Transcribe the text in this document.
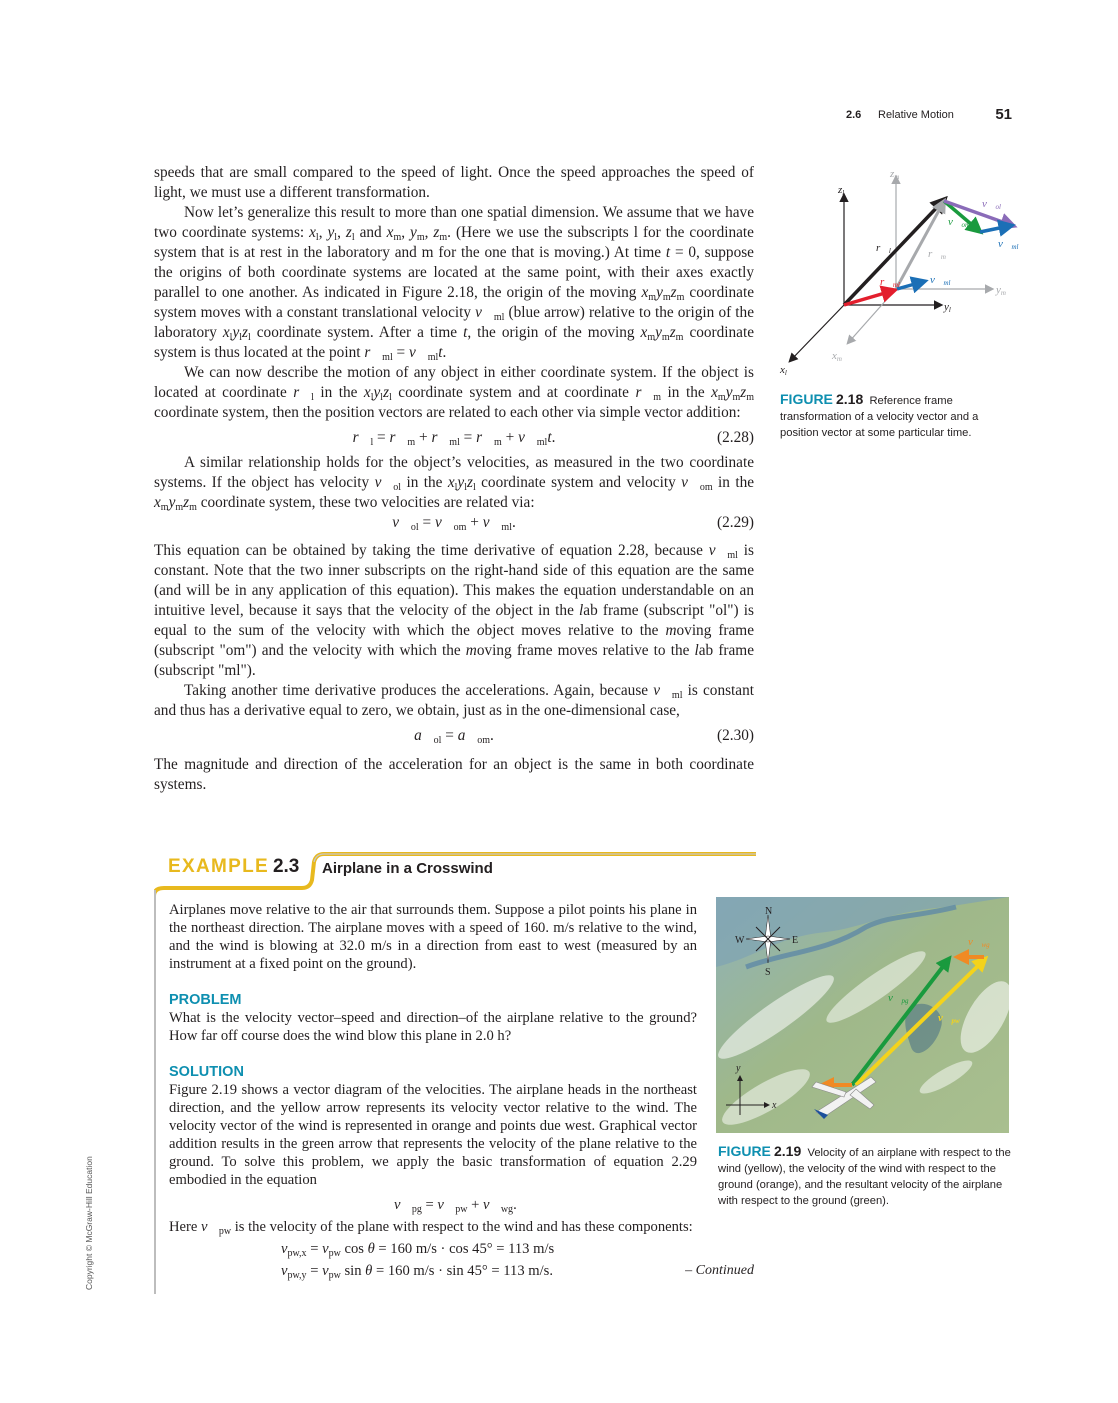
2.6 Relative Motion	51
Copyright © McGraw-Hill Education

speeds that are small compared to the speed of light. Once the speed approaches the speed of light, we must use a different transformation.

Now let’s generalize this result to more than one spatial dimension. We assume that we have two coordinate systems: $x_l$, $y_l$, $z_l$ and $x_m$, $y_m$, $z_m$. (Here we use the subscripts l for the coordinate system that is at rest in the laboratory and m for the one that is moving.) At time t = 0, suppose the origins of both coordinate systems are located at the same point, with their axes exactly parallel to one another. As indicated in Figure 2.18, the origin of the moving $x_my_mz_m$ coordinate system moves with a constant translational velocity $v⃗_{ml}$ (blue arrow) relative to the origin of the laboratory $x_ly_lz_l$ coordinate system. After a time t, the origin of the moving $x_my_mz_m$ coordinate system is thus located at the point $r⃗_{ml}$ = $v⃗_{ml}t$.

We can now describe the motion of any object in either coordinate system. If the object is located at coordinate $r⃗_l$ in the $x_ly_lz_l$ coordinate system and at coordinate $r⃗_m$ in the $x_my_mz_m$ coordinate system, then the position vectors are related to each other via simple vector addition:

$r⃗_l$ = $r⃗_m$ + $r⃗_{ml}$ = $r⃗_m$ + $v⃗_{ml}t$.	(2.28)

A similar relationship holds for the object’s velocities, as measured in the two coordinate systems. If the object has velocity $v⃗_{ol}$ in the $x_ly_lz_l$ coordinate system and velocity $v⃗_{om}$ in the $x_my_mz_m$ coordinate system, these two velocities are related via:

$v⃗_{ol}$ = $v⃗_{om}$ + $v⃗_{ml}$.	(2.29)

This equation can be obtained by taking the time derivative of equation 2.28, because $v⃗_{ml}$ is constant. Note that the two inner subscripts on the right-hand side of this equation are the same (and will be in any application of this equation). This makes the equation understandable on an intuitive level, because it says that the velocity of the object in the lab frame (subscript "ol") is equal to the sum of the velocity with which the object moves relative to the moving frame (subscript "om") and the velocity with which the moving frame moves relative to the lab frame (subscript "ml").

Taking another time derivative produces the accelerations. Again, because $v⃗_{ml}$ is constant and thus has a derivative equal to zero, we obtain, just as in the one-dimensional case,

$a⃗_{ol}$ = $a⃗_{om}$.	(2.30)

The magnitude and direction of the acceleration for an object is the same in both coordinate systems.

zl
zm
yl
ym
xl
xm
r⃗l	r⃗m
r⃗ml	v⃗ml
v⃗om
v⃗ol
v⃗ml
FIGURE 2.18 Reference frame transformation of a velocity vector and a position vector at some particular time.
EXAMPLE 2.3 Airplane in a Crosswind

Airplanes move relative to the air that surrounds them. Suppose a pilot points his plane in the northeast direction. The airplane moves with a speed of 160. m/s relative to the wind, and the wind is blowing at 32.0 m/s in a direction from east to west (measured by an instrument at a fixed point on the ground).

PROBLEM

What is the velocity vector–speed and direction–of the airplane relative to the ground? How far off course does the wind blow this plane in 2.0 h?

SOLUTION

Figure 2.19 shows a vector diagram of the velocities. The airplane heads in the northeast direction, and the yellow arrow represents its velocity vector relative to the wind. The velocity vector of the wind is represented in orange and points due west. Graphical vector addition results in the green arrow that represents the velocity of the plane relative to the ground. To solve this problem, we apply the basic transformation of equation 2.29 embodied in the equation

$v⃗_{pg}$ = $v⃗_{pw}$ + $v⃗_{wg}$.
Here $v⃗_{pw}$ is the velocity of the plane with respect to the wind and has these components:
$v_{pw,x} = v_{pw}$ cos θ = 160 m/s · cos 45° = 113 m/s
$v_{pw,y} = v_{pw}$ sin θ = 160 m/s · sin 45° = 113 m/s.	– Continued
N
S
E
W
y
x
v⃗pg
v⃗pw
v⃗wg
FIGURE 2.19 Velocity of an airplane with respect to the wind (yellow), the velocity of the wind with respect to the ground (orange), and the resultant velocity of the airplane with respect to the ground (green).
